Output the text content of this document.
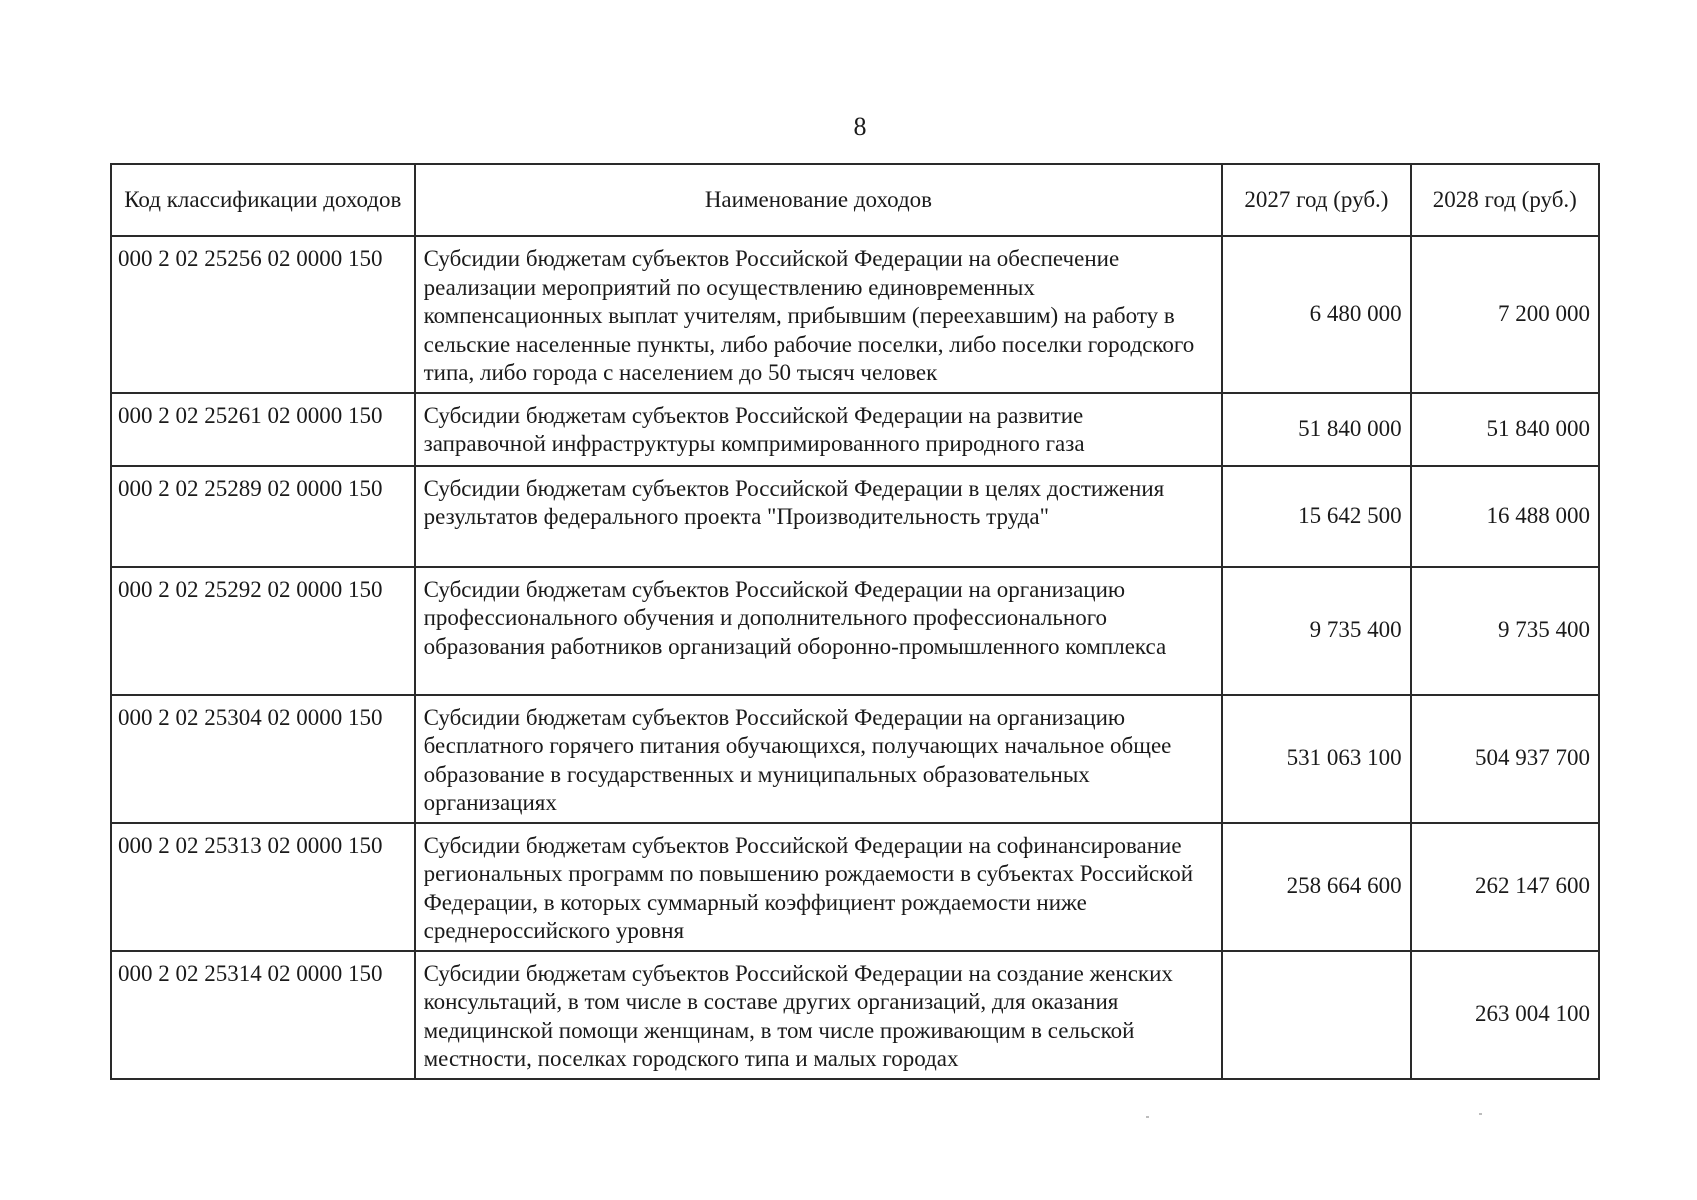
8
Код классификации доходов	Наименование доходов	2027 год (руб.)	2028 год (руб.)
000 2 02 25256 02 0000 150	Субсидии бюджетам субъектов Российской Федерации на обеспечение реализации мероприятий по осуществлению единовременных компенсационных выплат учителям, прибывшим (переехавшим) на работу в сельские населенные пункты, либо рабочие поселки, либо поселки городского типа, либо города с населением до 50 тысяч человек	6 480 000	7 200 000
000 2 02 25261 02 0000 150	Субсидии бюджетам субъектов Российской Федерации на развитие заправочной инфраструктуры компримированного природного газа	51 840 000	51 840 000
000 2 02 25289 02 0000 150	Субсидии бюджетам субъектов Российской Федерации в целях достижения результатов федерального проекта "Производительность труда"	15 642 500	16 488 000
000 2 02 25292 02 0000 150	Субсидии бюджетам субъектов Российской Федерации на организацию профессионального обучения и дополнительного профессионального образования работников организаций оборонно-промышленного комплекса	9 735 400	9 735 400
000 2 02 25304 02 0000 150	Субсидии бюджетам субъектов Российской Федерации на организацию бесплатного горячего питания обучающихся, получающих начальное общее образование в государственных и муниципальных образовательных организациях	531 063 100	504 937 700
000 2 02 25313 02 0000 150	Субсидии бюджетам субъектов Российской Федерации на софинансирование региональных программ по повышению рождаемости в субъектах Российской Федерации, в которых суммарный коэффициент рождаемости ниже среднероссийского уровня	258 664 600	262 147 600
000 2 02 25314 02 0000 150	Субсидии бюджетам субъектов Российской Федерации на создание женских консультаций, в том числе в составе других организаций, для оказания медицинской помощи женщинам, в том числе проживающим в сельской местности, поселках городского типа и малых городах		263 004 100
